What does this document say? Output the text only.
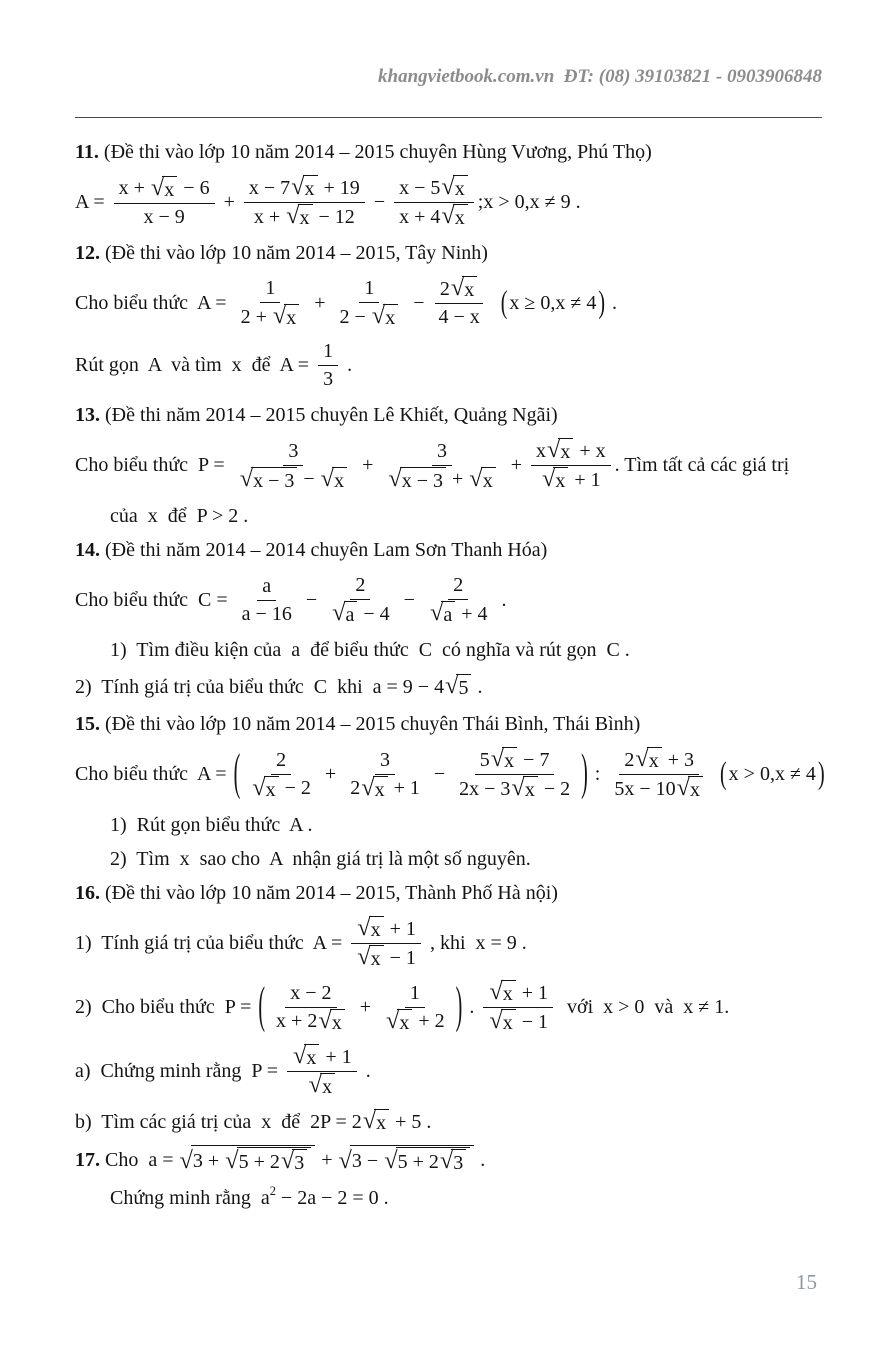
khangvietbook.com.vn  ĐT: (08) 39103821 - 0903906848

11. (Đề thi vào lớp 10 năm 2014 – 2015 chuyên Hùng Vương, Phú Thọ)
$A = \frac{x + √ x - 6}{x - 9} + \frac{x - 7 √ x + 19}{x + √ x - 12} - \frac{x - 5 √ x}{x + 4 √ x}$ ;x > 0,x ≠ 9 .
12. (Đề thi vào lớp 10 năm 2014 – 2015, Tây Ninh)
Cho biểu thức  $A = \frac{1}{2 + √ x} + \frac{1}{2 - √ x} - \frac{2 √ x}{4 - x}$
( x ≥ 0,x ≠ 4 ) .
Rút gọn  A  và tìm  x  để  $A = \frac{1}{3}$ .
13. (Đề thi năm 2014 – 2015 chuyên Lê Khiết, Quảng Ngãi)
Cho biểu thức  $P = \frac{3}{√ x - 3 - √ x} + \frac{3}{√ x - 3 + √ x} + \frac{x √ x + x}{√ x + 1}$ . Tìm tất cả các giá trị
của  x  để  P > 2 .
14. (Đề thi năm 2014 – 2014 chuyên Lam Sơn Thanh Hóa)
Cho biểu thức  $C = \frac{a}{a - 16} - \frac{2}{√ a - 4} - \frac{2}{√ a + 4}$ .
1)  Tìm điều kiện của  a  để biểu thức  C  có nghĩa và rút gọn  C .
2)  Tính giá trị của biểu thức  C  khi  a = 9 − 4 √ 5 .
15. (Đề thi vào lớp 10 năm 2014 – 2015 chuyên Thái Bình, Thái Bình)
Cho biểu thức  A = ( $\frac{2}{√ x - 2} + \frac{3}{2 √ x + 1} - \frac{5 √ x - 7}{2x - 3 √ x - 2}$ ) : $\frac{2 √ x + 3}{5x - 10 √ x}$
( x > 0,x ≠ 4 )
1)  Rút gọn biểu thức  A .
2)  Tìm  x  sao cho  A  nhận giá trị là một số nguyên.
16. (Đề thi vào lớp 10 năm 2014 – 2015, Thành Phố Hà nội)
1)  Tính giá trị của biểu thức  $A = \frac{√ x + 1}{√ x - 1}$ , khi  x = 9 .
2)  Cho biểu thức  P = ( $\frac{x - 2}{x + 2 √ x} + \frac{1}{√ x + 2}$ ) . $\frac{√ x + 1}{√ x - 1}$ với  x > 0  và  x ≠ 1.
a)  Chứng minh rằng  $P = \frac{√ x + 1}{√ x}$ .
b)  Tìm các giá trị của  x  để  2P = 2 √ x + 5 .
17. Cho  a = √ 3 + √ 5 + 2 √ 3 + √ 3 − √ 5 + 2 √ 3 .
Chứng minh rằng  $a^2 - 2a - 2 = 0$ .
15
